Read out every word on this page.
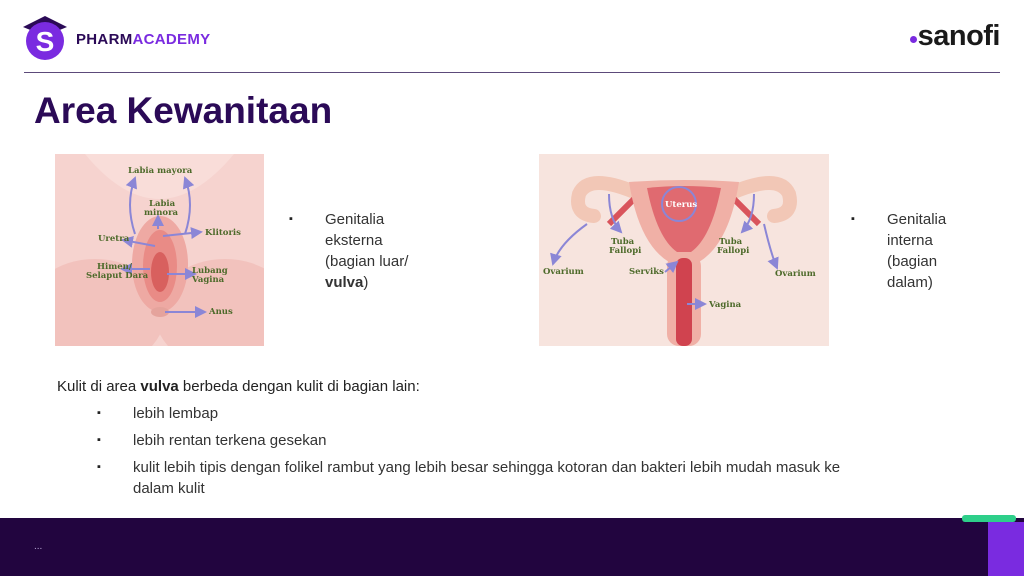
S PHARMACADEMY	sanofi
Area Kewanitaan
Labia mayora
Labia
minora
Uretra
Klitoris
Himen/
Selaput Dara	Lubang
Vagina
Anus
▪ Genitalia
eksterna
(bagian luar/
vulva)
Uterus
Tuba
Fallopi
Tuba
Fallopi
Ovarium	Ovarium
Serviks
Vagina
▪ Genitalia
interna
(bagian
dalam)
Kulit di area vulva berbeda dengan kulit di bagian lain:
▪ lebih lembap
▪ lebih rentan terkena gesekan
▪ kulit lebih tipis dengan folikel rambut yang lebih besar sehingga kotoran dan bakteri lebih mudah masuk ke dalam kulit
...
